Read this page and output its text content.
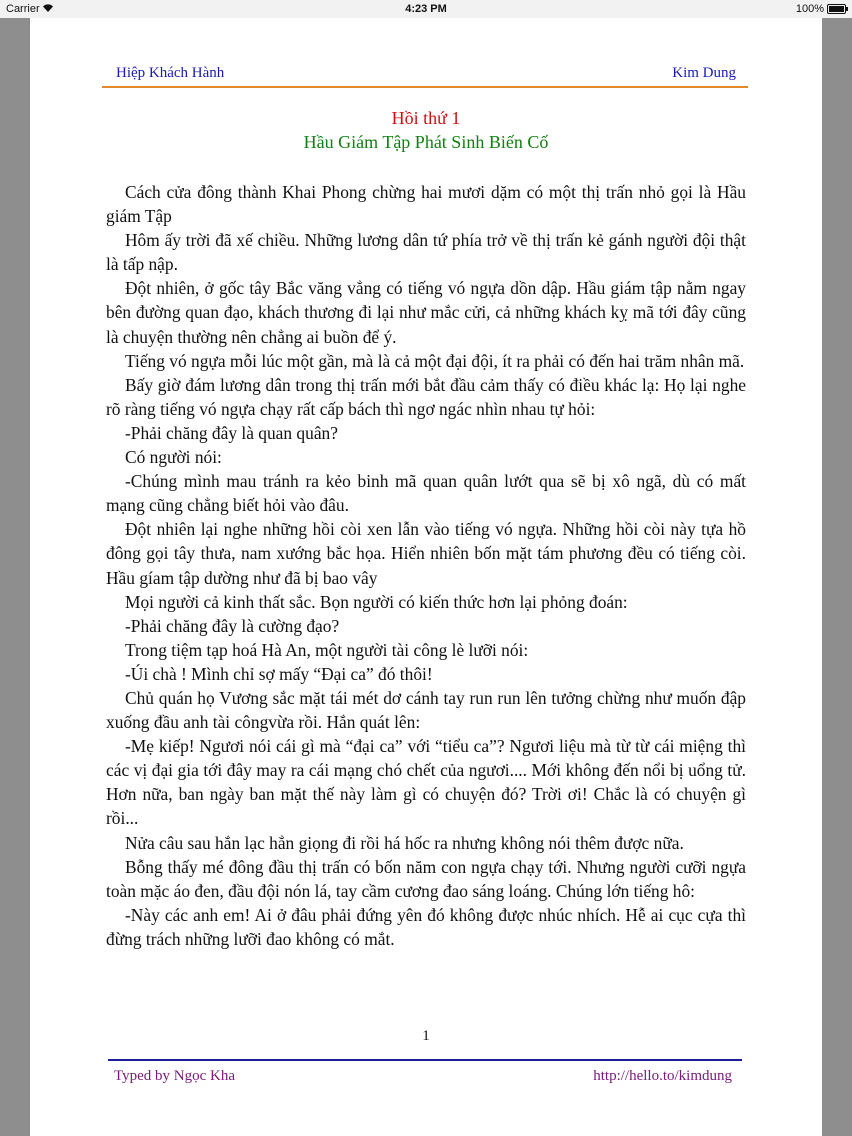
Carrier	4:23 PM	100%
Hiệp Khách Hành	Kim Dung
Hồi thứ 1
Hầu Giám Tập Phát Sinh Biến Cố

Cách cửa đông thành Khai Phong chừng hai mươi dặm có một thị trấn nhỏ gọi là Hầu giám Tập

Hôm ấy trời đã xế chiều. Những lương dân tứ phía trở về thị trấn kẻ gánh người đội thật là tấp nập.

Đột nhiên, ở gốc tây Bắc văng vẳng có tiếng vó ngựa dồn dập. Hầu giám tập nằm ngay bên đường quan đạo, khách thương đi lại như mắc cửi, cả những khách kỵ mã tới đây cũng là chuyện thường nên chẳng ai buồn để ý.

Tiếng vó ngựa mỗi lúc một gần, mà là cả một đại đội, ít ra phải có đến hai trăm nhân mã.

Bấy giờ đám lương dân trong thị trấn mới bắt đầu cảm thấy có điều khác lạ: Họ lại nghe rõ ràng tiếng vó ngựa chạy rất cấp bách thì ngơ ngác nhìn nhau tự hỏi:

-Phải chăng đây là quan quân?

Có người nói:

-Chúng mình mau tránh ra kẻo binh mã quan quân lướt qua sẽ bị xô ngã, dù có mất mạng cũng chẳng biết hỏi vào đâu.

Đột nhiên lại nghe những hồi còi xen lẫn vào tiếng vó ngựa. Những hồi còi này tựa hồ đông gọi tây thưa, nam xướng bắc họa. Hiển nhiên bốn mặt tám phương đều có tiếng còi. Hầu gíam tập dường như đã bị bao vây

Mọi người cả kinh thất sắc. Bọn người có kiến thức hơn lại phỏng đoán:

-Phải chăng đây là cường đạo?

Trong tiệm tạp hoá Hà An, một người tài công lè lưỡi nói:

-Úi chà ! Mình chỉ sợ mấy “Đại ca” đó thôi!

Chủ quán họ Vương sắc mặt tái mét dơ cánh tay run run lên tưởng chừng như muốn đập xuống đầu anh tài côngvừa rồi. Hắn quát lên:

-Mẹ kiếp! Ngươi nói cái gì mà “đại ca” với “tiểu ca”? Ngươi liệu mà từ từ cái miệng thì các vị đại gia tới đây may ra cái mạng chó chết của ngươi.... Mới không đến nổi bị uổng tử. Hơn nữa, ban ngày ban mặt thế này làm gì có chuyện đó? Trời ơi! Chắc là có chuyện gì rồi...

Nửa câu sau hắn lạc hẳn giọng đi rồi há hốc ra nhưng không nói thêm được nữa.

Bỗng thấy mé đông đầu thị trấn có bốn năm con ngựa chạy tới. Nhưng người cưỡi ngựa toàn mặc áo đen, đầu đội nón lá, tay cầm cương đao sáng loáng. Chúng lớn tiếng hô:

-Này các anh em! Ai ở đâu phải đứng yên đó không được nhúc nhích. Hễ ai cục cựa thì đừng trách những lưỡi đao không có mắt.

1
Typed by Ngọc Kha	http://hello.to/kimdung
